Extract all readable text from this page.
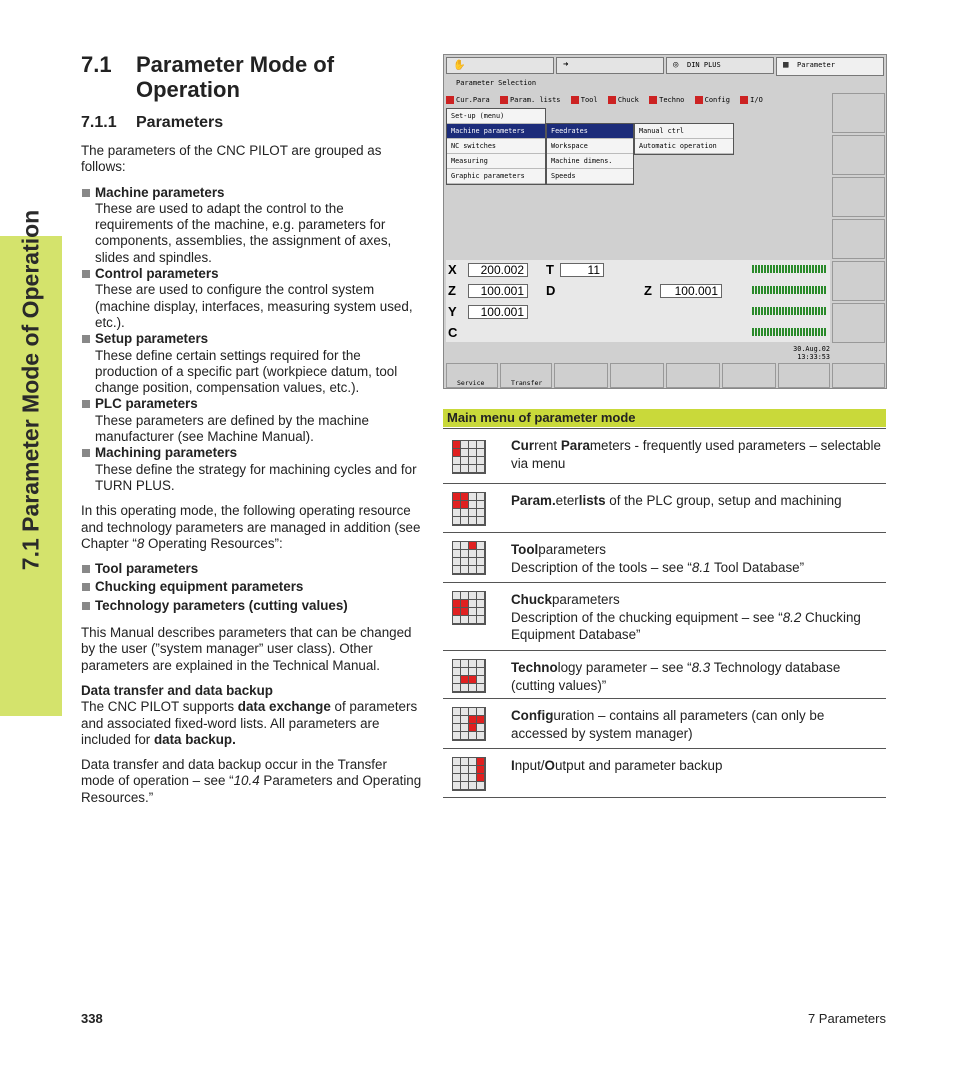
7.1 Parameter Mode of Operation
7.1 Parameter Mode of Operation
7.1.1 Parameters

The parameters of the CNC PILOT are grouped as follows:

Machine parameters
These are used to adapt the control to the requirements of the machine, e.g. parameters for components, assemblies, the assignment of axes, slides and spindles.
Control parameters
These are used to configure the control system (machine display, interfaces, measuring system used, etc.).
Setup parameters
These define certain settings required for the production of a specific part (workpiece datum, tool change position, compensation values, etc.).
PLC parameters
These parameters are defined by the machine manufacturer (see Machine Manual).
Machining parameters
These define the strategy for machining cycles and for TURN PLUS.

In this operating mode, the following operating resource and technology parameters are managed in addition (see Chapter “8 Operating Resources”:

Tool parameters
Chucking equipment parameters
Technology parameters (cutting values)

This Manual describes parameters that can be changed by the user (”system manager” user class). Other parameters are explained in the Technical Manual.

Data transfer and data backup
The CNC PILOT supports data exchange of parameters and associated fixed-word lists. All parameters are included for data backup.

Data transfer and data backup occur in the Transfer mode of operation – see “10.4 Parameters and Operating Resources.”

✋	➜	◎ DIN PLUS	▦ Parameter
Parameter Selection
Cur.Para	Param. lists	Tool	Chuck	Techno	Config	I/O
Set-up (menu)
Machine parameters
NC switches
Measuring
Graphic parameters
Feedrates
Workspace
Machine dimens.
Speeds
Manual ctrl
Automatic operation
X	200.002
Z	100.001
Y	100.001
C
T	11
D	Z	100.001
30.Aug.02
13:33:53
Service	Transfer
Main menu of parameter mode
Current Parameters - frequently used parameters – selectable via menu
Param.eterlists of the PLC group, setup and machining
Toolparameters
Description of the tools – see “8.1 Tool Database”
Chuckparameters
Description of the chucking equipment – see “8.2 Chucking Equipment Database”
Technology parameter – see “8.3 Technology database (cutting values)”
Configuration – contains all parameters (can only be accessed by system manager)
Input/Output and parameter backup
338	7 Parameters
